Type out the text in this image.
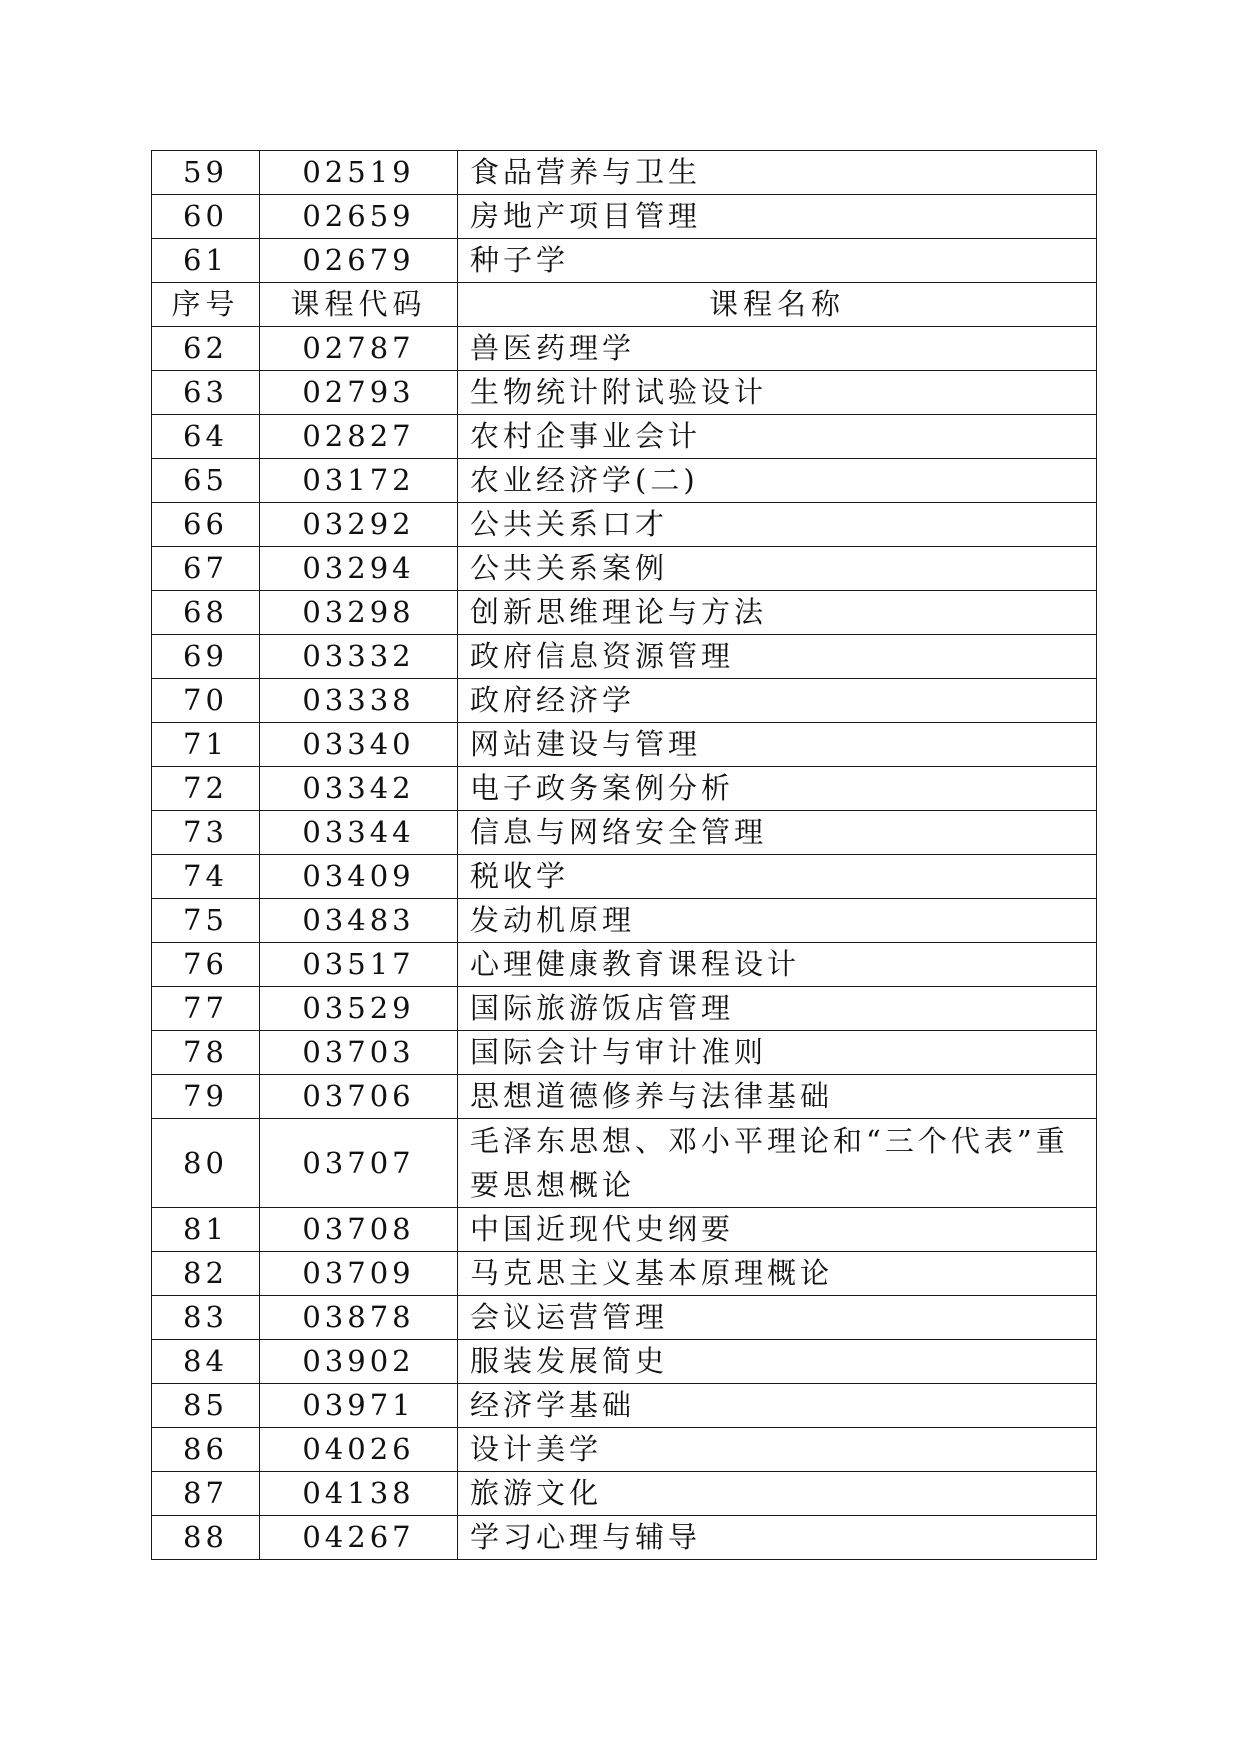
59	02519	食品营养与卫生
60	02659	房地产项目管理
61	02679	种子学
序号	课程代码	课程名称
62	02787	兽医药理学
63	02793	生物统计附试验设计
64	02827	农村企事业会计
65	03172	农业经济学(二)
66	03292	公共关系口才
67	03294	公共关系案例
68	03298	创新思维理论与方法
69	03332	政府信息资源管理
70	03338	政府经济学
71	03340	网站建设与管理
72	03342	电子政务案例分析
73	03344	信息与网络安全管理
74	03409	税收学
75	03483	发动机原理
76	03517	心理健康教育课程设计
77	03529	国际旅游饭店管理
78	03703	国际会计与审计准则
79	03706	思想道德修养与法律基础
80	03707	毛泽东思想、邓小平理论和“三个代表”重要思想概论
81	03708	中国近现代史纲要
82	03709	马克思主义基本原理概论
83	03878	会议运营管理
84	03902	服装发展简史
85	03971	经济学基础
86	04026	设计美学
87	04138	旅游文化
88	04267	学习心理与辅导
